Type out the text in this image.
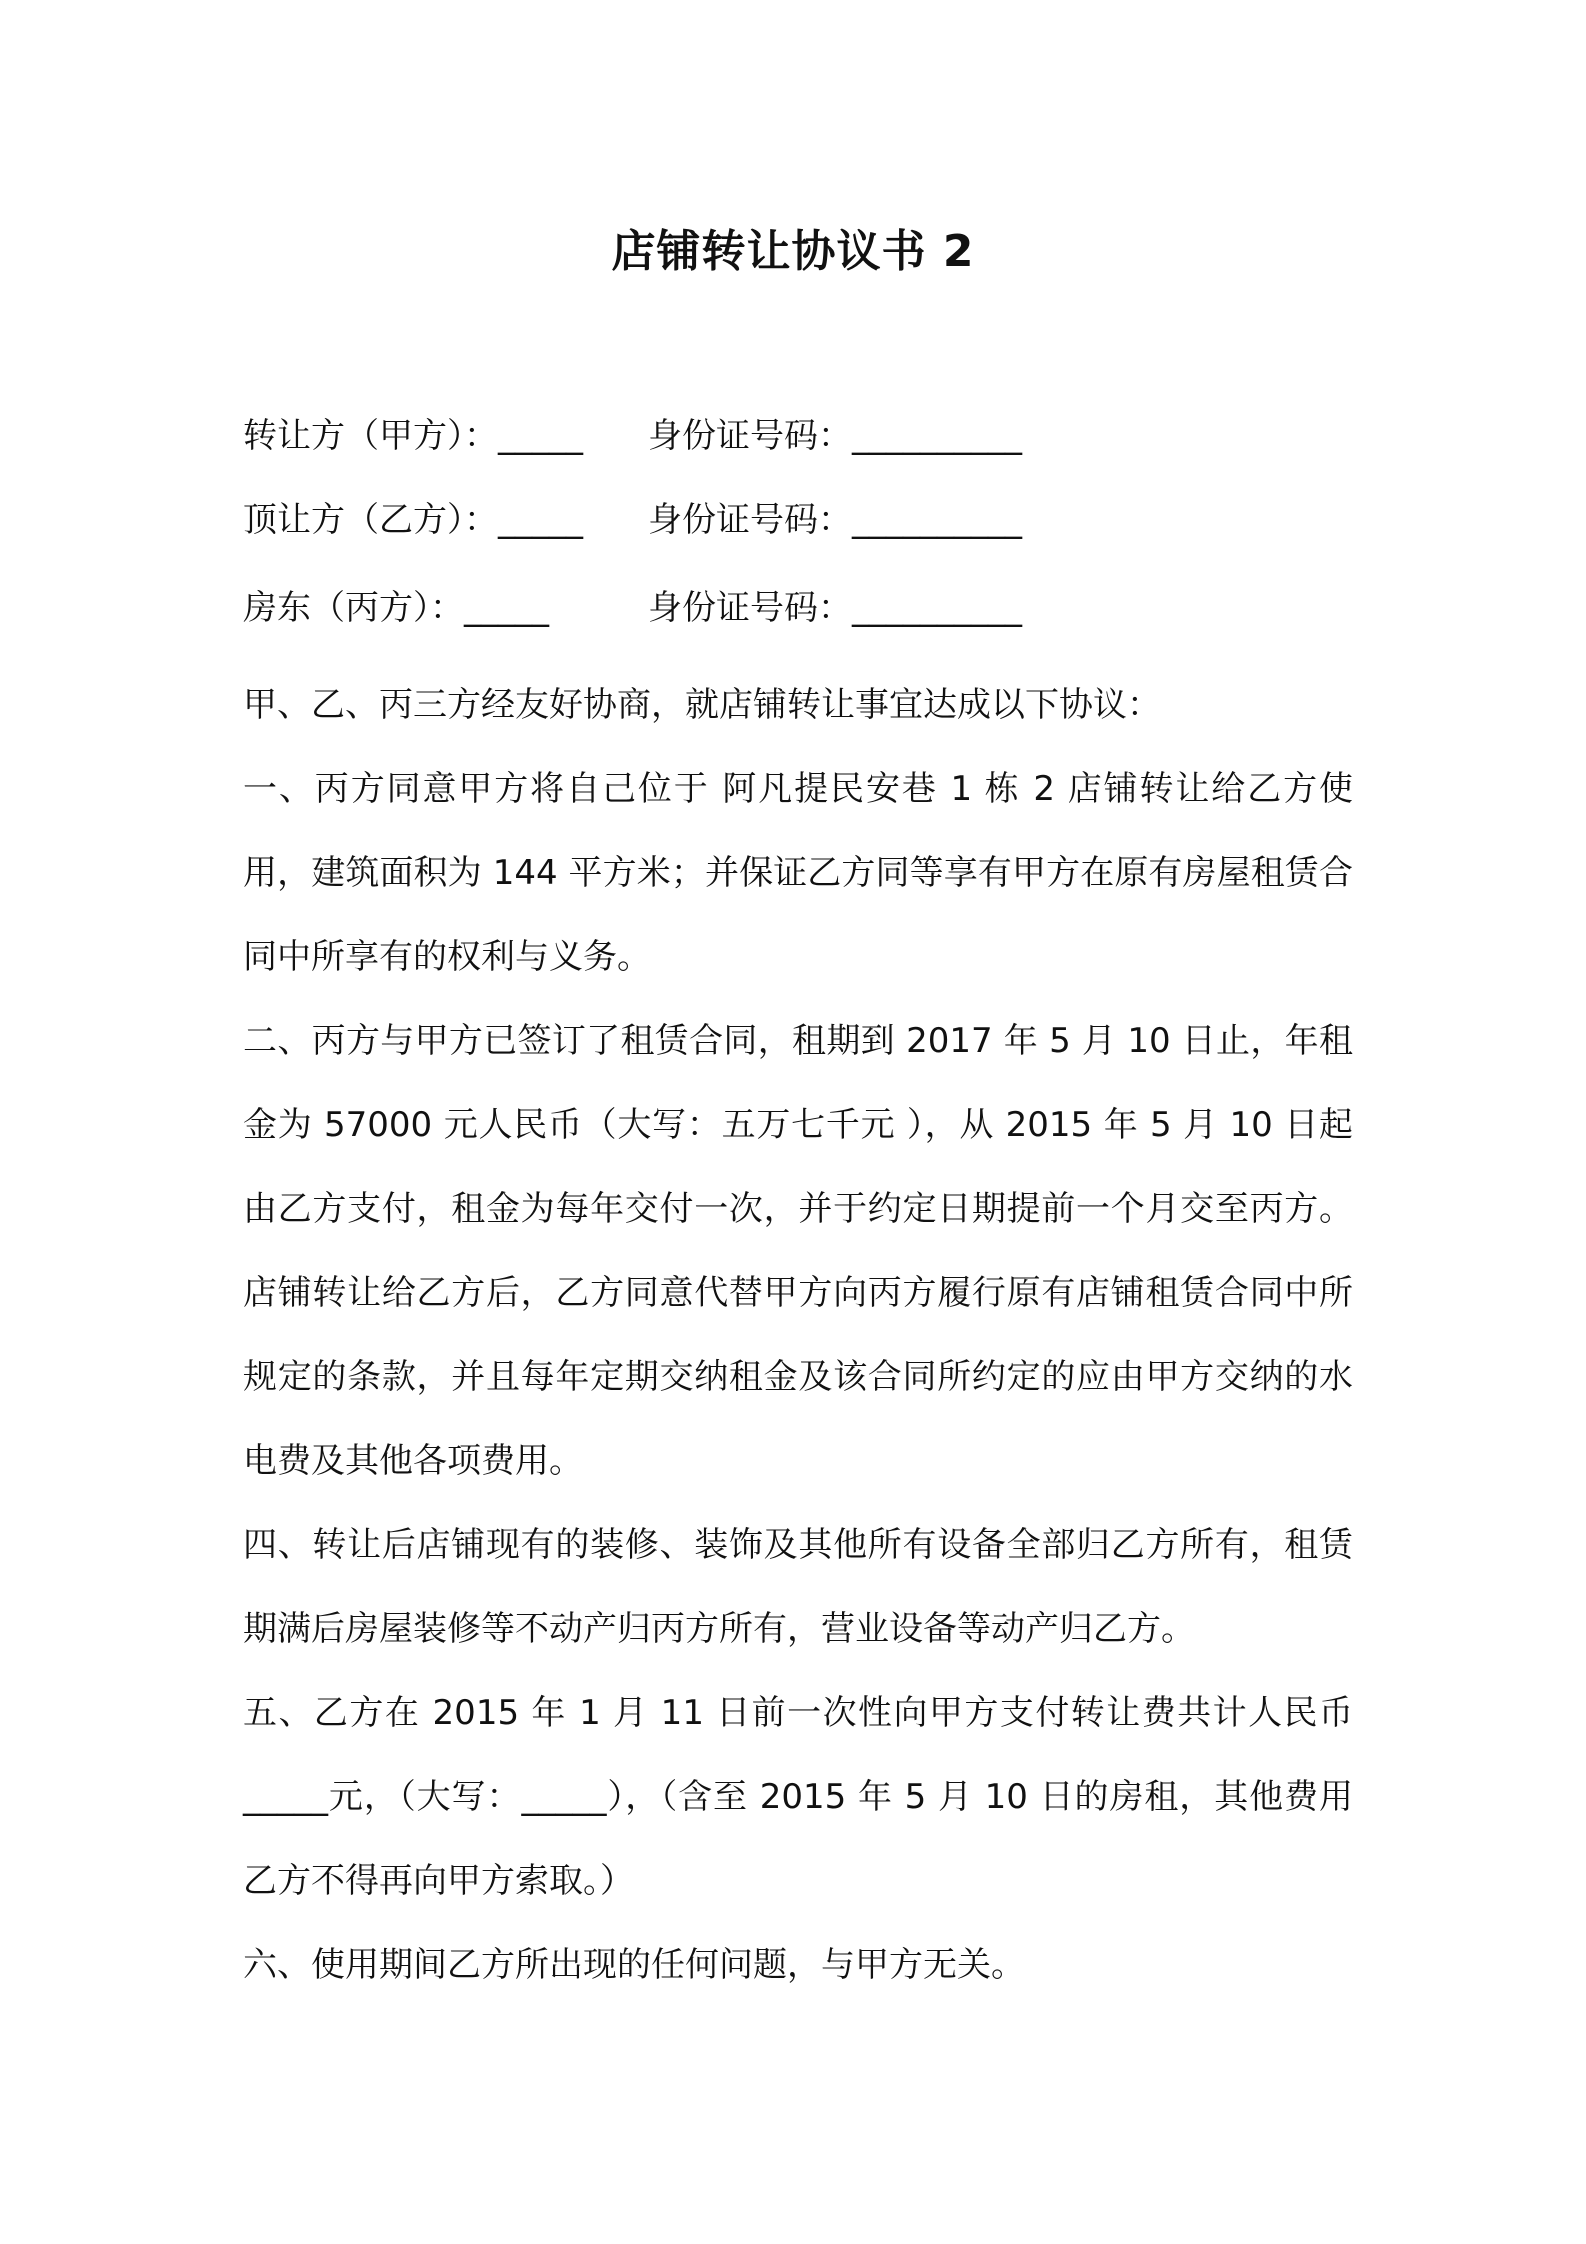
店铺转让协议书 2
转让方（甲方）：_____ 身份证号码：__________
顶让方（乙方）：_____ 身份证号码：__________
房东（丙方）：_____	身份证号码：__________

甲、乙、丙三方经友好协商，就店铺转让事宜达成以下协议：

一、丙方同意甲方将自己位于 阿凡提民安巷 1 栋 2 店铺转让给乙方使用，建筑面积为 144 平方米；并保证乙方同等享有甲方在原有房屋租赁合同中所享有的权利与义务。

二、丙方与甲方已签订了租赁合同，租期到 2017 年 5 月 10 日止，年租金为 57000 元人民币（大写：五万七千元 ），从 2015 年 5 月 10 日起由乙方支付，租金为每年交付一次，并于约定日期提前一个月交至丙方。店铺转让给乙方后，乙方同意代替甲方向丙方履行原有店铺租赁合同中所规定的条款，并且每年定期交纳租金及该合同所约定的应由甲方交纳的水电费及其他各项费用。

四、转让后店铺现有的装修、装饰及其他所有设备全部归乙方所有，租赁期满后房屋装修等不动产归丙方所有，营业设备等动产归乙方。

五、乙方在 2015 年 1 月 11 日前一次性向甲方支付转让费共计人民币_____元，（大写：_____），（含至 2015 年 5 月 10 日的房租，其他费用乙方不得再向甲方索取。）

六、使用期间乙方所出现的任何问题，与甲方无关。
